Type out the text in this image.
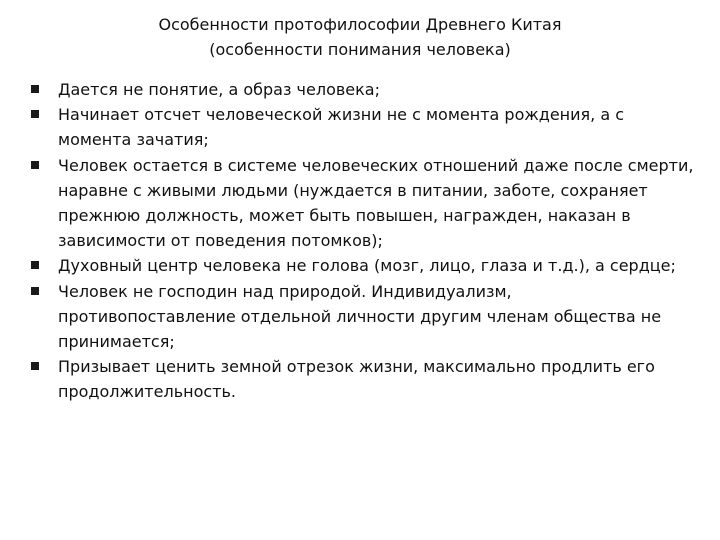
Особенности протофилософии Древнего Китая
(особенности понимания человека)
Дается не понятие, а образ человека;
Начинает отсчет человеческой жизни не с момента рождения, а с момента зачатия;
Человек остается в системе человеческих отношений даже после смерти, наравне с живыми людьми (нуждается в питании, заботе, сохраняет прежнюю должность, может быть повышен, награжден, наказан в зависимости от поведения потомков);
Духовный центр человека не голова (мозг, лицо, глаза и т.д.), а сердце;
Человек не господин над природой. Индивидуализм, противопоставление отдельной личности другим членам общества не принимается;
Призывает ценить земной отрезок жизни, максимально продлить его продолжительность.
